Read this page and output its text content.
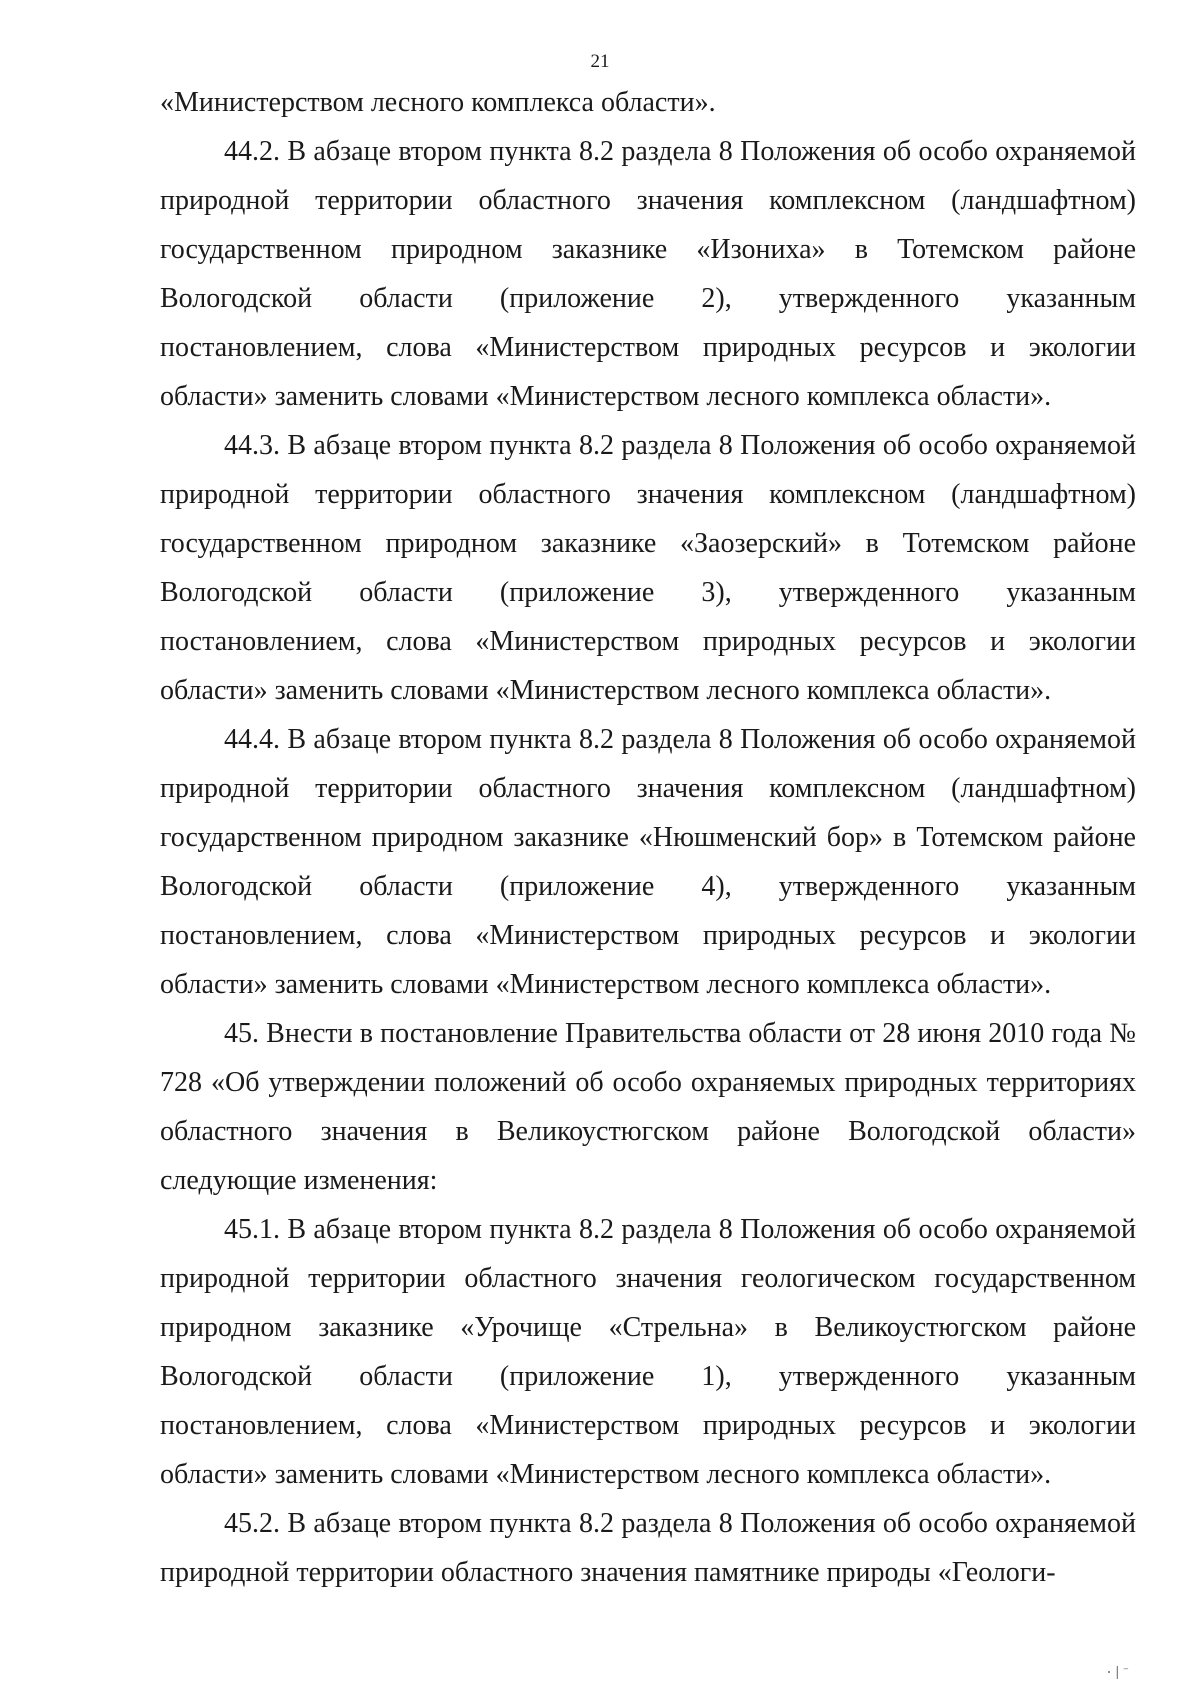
21

«Министерством лесного комплекса области».

44.2. В абзаце втором пункта 8.2 раздела 8 Положения об особо охраняемой природной территории областного значения комплексном (ландшафтном) государственном природном заказнике «Изониха» в Тотемском районе Вологодской области (приложение 2), утвержденного указанным постановлением, слова «Министерством природных ресурсов и экологии области» заменить словами «Министерством лесного комплекса области».

44.3. В абзаце втором пункта 8.2 раздела 8 Положения об особо охраняемой природной территории областного значения комплексном (ландшафтном) государственном природном заказнике «Заозерский» в Тотемском районе Вологодской области (приложение 3), утвержденного указанным постановлением, слова «Министерством природных ресурсов и экологии области» заменить словами «Министерством лесного комплекса области».

44.4. В абзаце втором пункта 8.2 раздела 8 Положения об особо охраняемой природной территории областного значения комплексном (ландшафтном) государственном природном заказнике «Нюшменский бор» в Тотемском районе Вологодской области (приложение 4), утвержденного указанным постановлением, слова «Министерством природных ресурсов и экологии области» заменить словами «Министерством лесного комплекса области».

45. Внести в постановление Правительства области от 28 июня 2010 года № 728 «Об утверждении положений об особо охраняемых природных территориях областного значения в Великоустюгском районе Вологодской области» следующие изменения:

45.1. В абзаце втором пункта 8.2 раздела 8 Положения об особо охраняемой природной территории областного значения геологическом государственном природном заказнике «Урочище «Стрельна» в Великоустюгском районе Вологодской области (приложение 1), утвержденного указанным постановлением, слова «Министерством природных ресурсов и экологии области» заменить словами «Министерством лесного комплекса области».

45.2. В абзаце втором пункта 8.2 раздела 8 Положения об особо охраняемой природной территории областного значения памятнике природы «Геологи-

·|⁻
